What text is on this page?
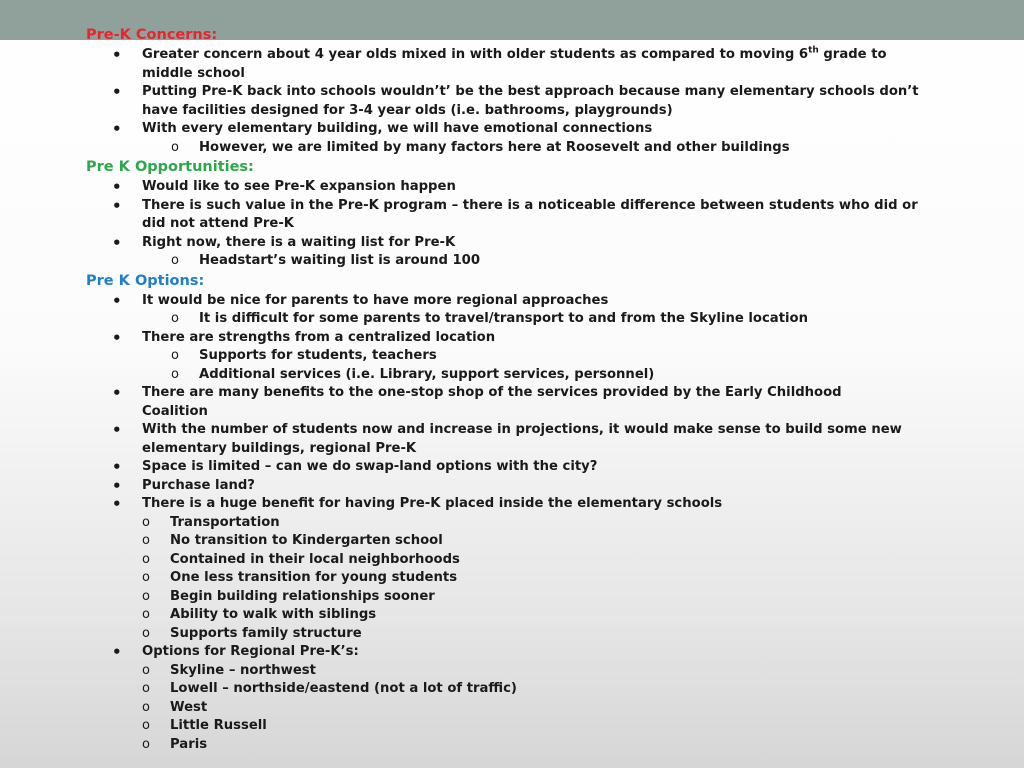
Pre-K Concerns:
• Greater concern about 4 year olds mixed in with older students as compared to moving 6th grade to
middle school
• Putting Pre-K back into schools wouldn’t’ be the best approach because many elementary schools don’t have facilities designed for 3-4 year olds (i.e. bathrooms, playgrounds)
• With every elementary building, we will have emotional connections
o However, we are limited by many factors here at Roosevelt and other buildings
Pre K Opportunities:
• Would like to see Pre-K expansion happen
• There is such value in the Pre-K program – there is a noticeable difference between students who did or did not attend Pre-K
• Right now, there is a waiting list for Pre-K
o Headstart’s waiting list is around 100
Pre K Options:
• It would be nice for parents to have more regional approaches
o It is difficult for some parents to travel/transport to and from the Skyline location
• There are strengths from a centralized location
o Supports for students, teachers
o Additional services (i.e. Library, support services, personnel)
• There are many benefits to the one-stop shop of the services provided by the Early Childhood Coalition
• With the number of students now and increase in projections, it would make sense to build some new elementary buildings, regional Pre-K
• Space is limited – can we do swap-land options with the city?
• Purchase land?
• There is a huge benefit for having Pre-K placed inside the elementary schools
o Transportation
o No transition to Kindergarten school
o Contained in their local neighborhoods
o One less transition for young students
o Begin building relationships sooner
o Ability to walk with siblings
o Supports family structure
• Options for Regional Pre-K’s:
o Skyline – northwest
o Lowell – northside/eastend (not a lot of traffic)
o West
o Little Russell
o Paris
